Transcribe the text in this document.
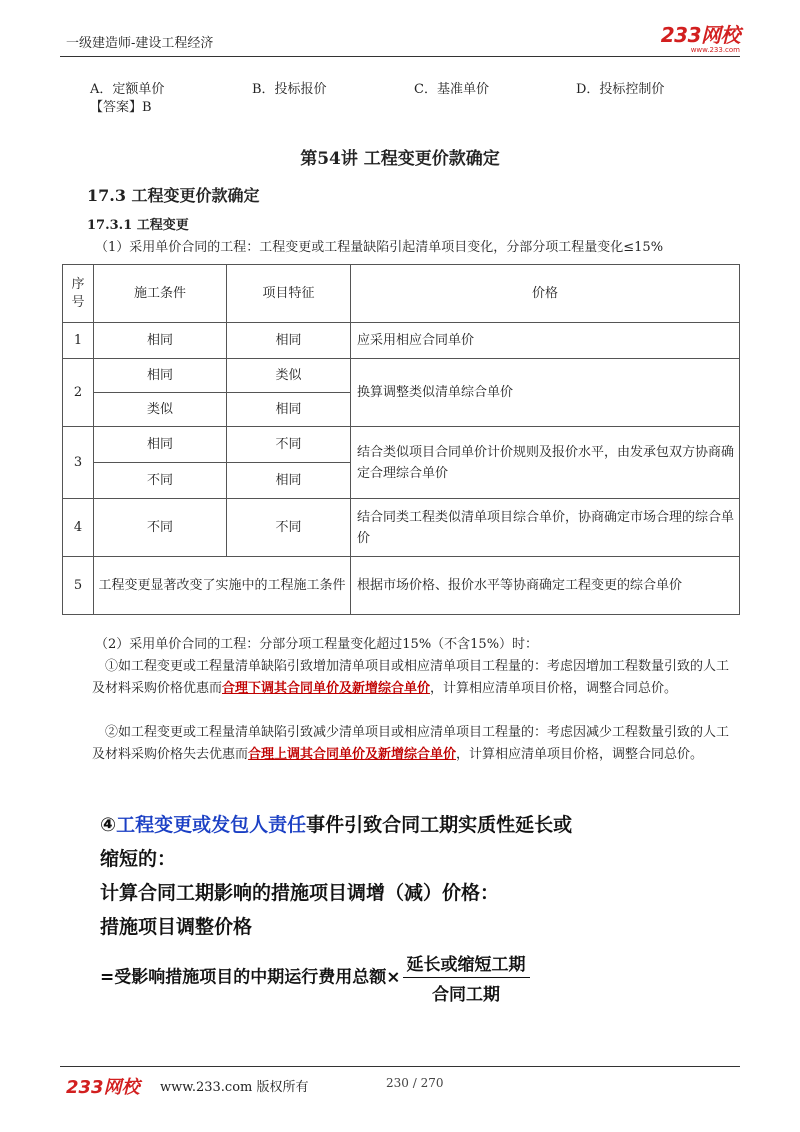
一级建造师-建设工程经济	233网校
www.233.com
A．定额单价	B．投标报价	C．基准单价	D．投标控制价
【答案】B
第54讲 工程变更价款确定
17.3 工程变更价款确定
17.3.1 工程变更
（1）采用单价合同的工程：工程变更或工程量缺陷引起清单项目变化，分部分项工程量变化≤15%
序号	施工条件	项目特征	价格
1	相同	相同	应采用相应合同单价
2	相同	类似	换算调整类似清单综合单价
	类似	相同	
3	相同	不同	结合类似项目合同单价计价规则及报价水平，由发承包双方协商确定合理综合单价
	不同	相同	
4	不同	不同	结合同类工程类似清单项目综合单价，协商确定市场合理的综合单价
5	工程变更显著改变了实施中的工程施工条件		根据市场价格、报价水平等协商确定工程变更的综合单价
（2）采用单价合同的工程：分部分项工程量变化超过15%（不含15%）时：
①如工程变更或工程量清单缺陷引致增加清单项目或相应清单项目工程量的：考虑因增加工程数量引致的人工及材料采购价格优惠而合理下调其合同单价及新增综合单价，计算相应清单项目价格，调整合同总价。
②如工程变更或工程量清单缺陷引致减少清单项目或相应清单项目工程量的：考虑因减少工程数量引致的人工及材料采购价格失去优惠而合理上调其合同单价及新增综合单价，计算相应清单项目价格，调整合同总价。
④工程变更或发包人责任事件引致合同工期实质性延长或
缩短的：
计算合同工期影响的措施项目调增（减）价格：
措施项目调整价格
=受影响措施项目的中期运行费用总额× $\frac{\text{延长或缩短工期}}{\text{合同工期}}$
233网校 www.233.com 版权所有	230 / 270
